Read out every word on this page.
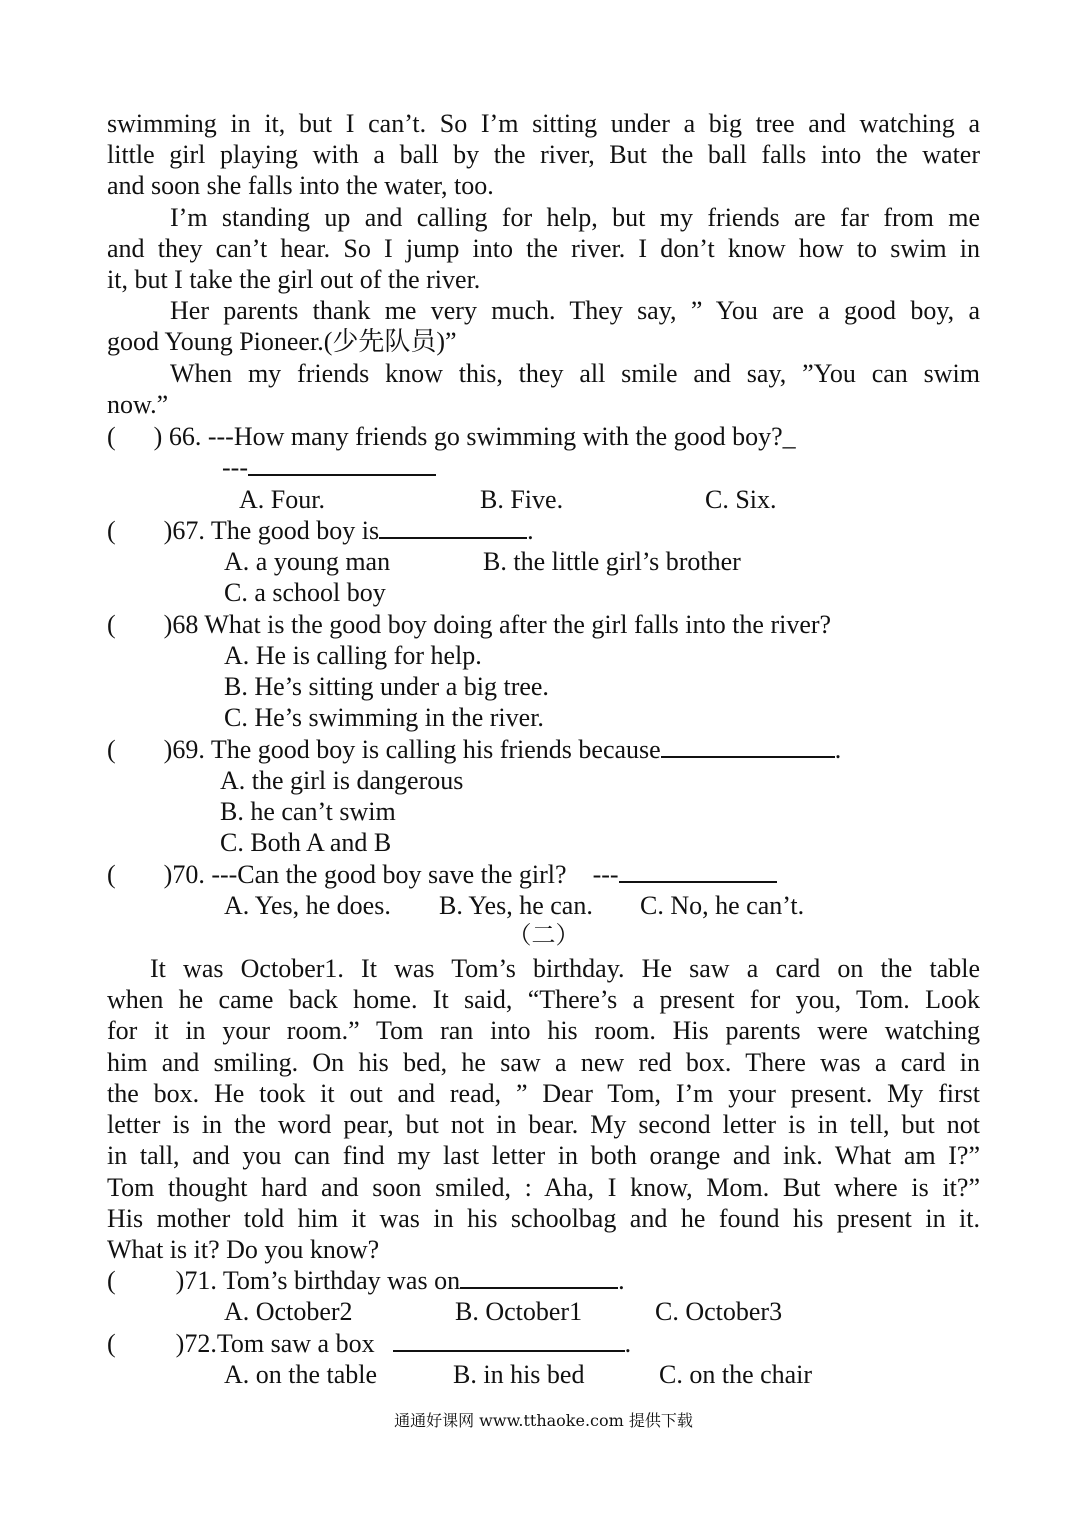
swimming in it, but I can’t. So I’m sitting under a big tree and watching a
little girl playing with a ball by the river, But the ball falls into the water
and soon she falls into the water, too.
I’m standing up and calling for help, but my friends are far from me
and they can’t hear. So I jump into the river. I don’t know how to swim in
it, but I take the girl out of the river.
Her parents thank me very much. They say, ” You are a good boy, a
good Young Pioneer.(少先队员)”
When my friends know this, they all smile and say, ”You can swim
now.”
( ) 66. ---How many friends go swimming with the good boy?_
---
A. Four.	B. Five.	C. Six.
( )67. The good boy is	.
A. a young man	B. the little girl’s brother
C. a school boy
( )68 What is the good boy doing after the girl falls into the river?
A. He is calling for help.
B. He’s sitting under a big tree.
C. He’s swimming in the river.
( )69. The good boy is calling his friends because	.
A. the girl is dangerous
B. he can’t swim
C. Both A and B
( )70. ---Can the good boy save the girl? ---
A. Yes, he does. B. Yes, he can. C. No, he can’t.
（二）
It was October1. It was Tom’s birthday. He saw a card on the table
when he came back home. It said, “There’s a present for you, Tom. Look
for it in your room.” Tom ran into his room. His parents were watching
him and smiling. On his bed, he saw a new red box. There was a card in
the box. He took it out and read, ” Dear Tom, I’m your present. My first
letter is in the word pear, but not in bear. My second letter is in tell, but not
in tall, and you can find my last letter in both orange and ink. What am I?”
Tom thought hard and soon smiled, : Aha, I know, Mom. But where is it?”
His mother told him it was in his schoolbag and he found his present in it.
What is it? Do you know?
( )71. Tom’s birthday was on	.
A. October2	B. October1	C. October3
( )72.Tom saw a box	.
A. on the table	B. in his bed	C. on the chair
通通好课网 www.tthaoke.com 提供下载
